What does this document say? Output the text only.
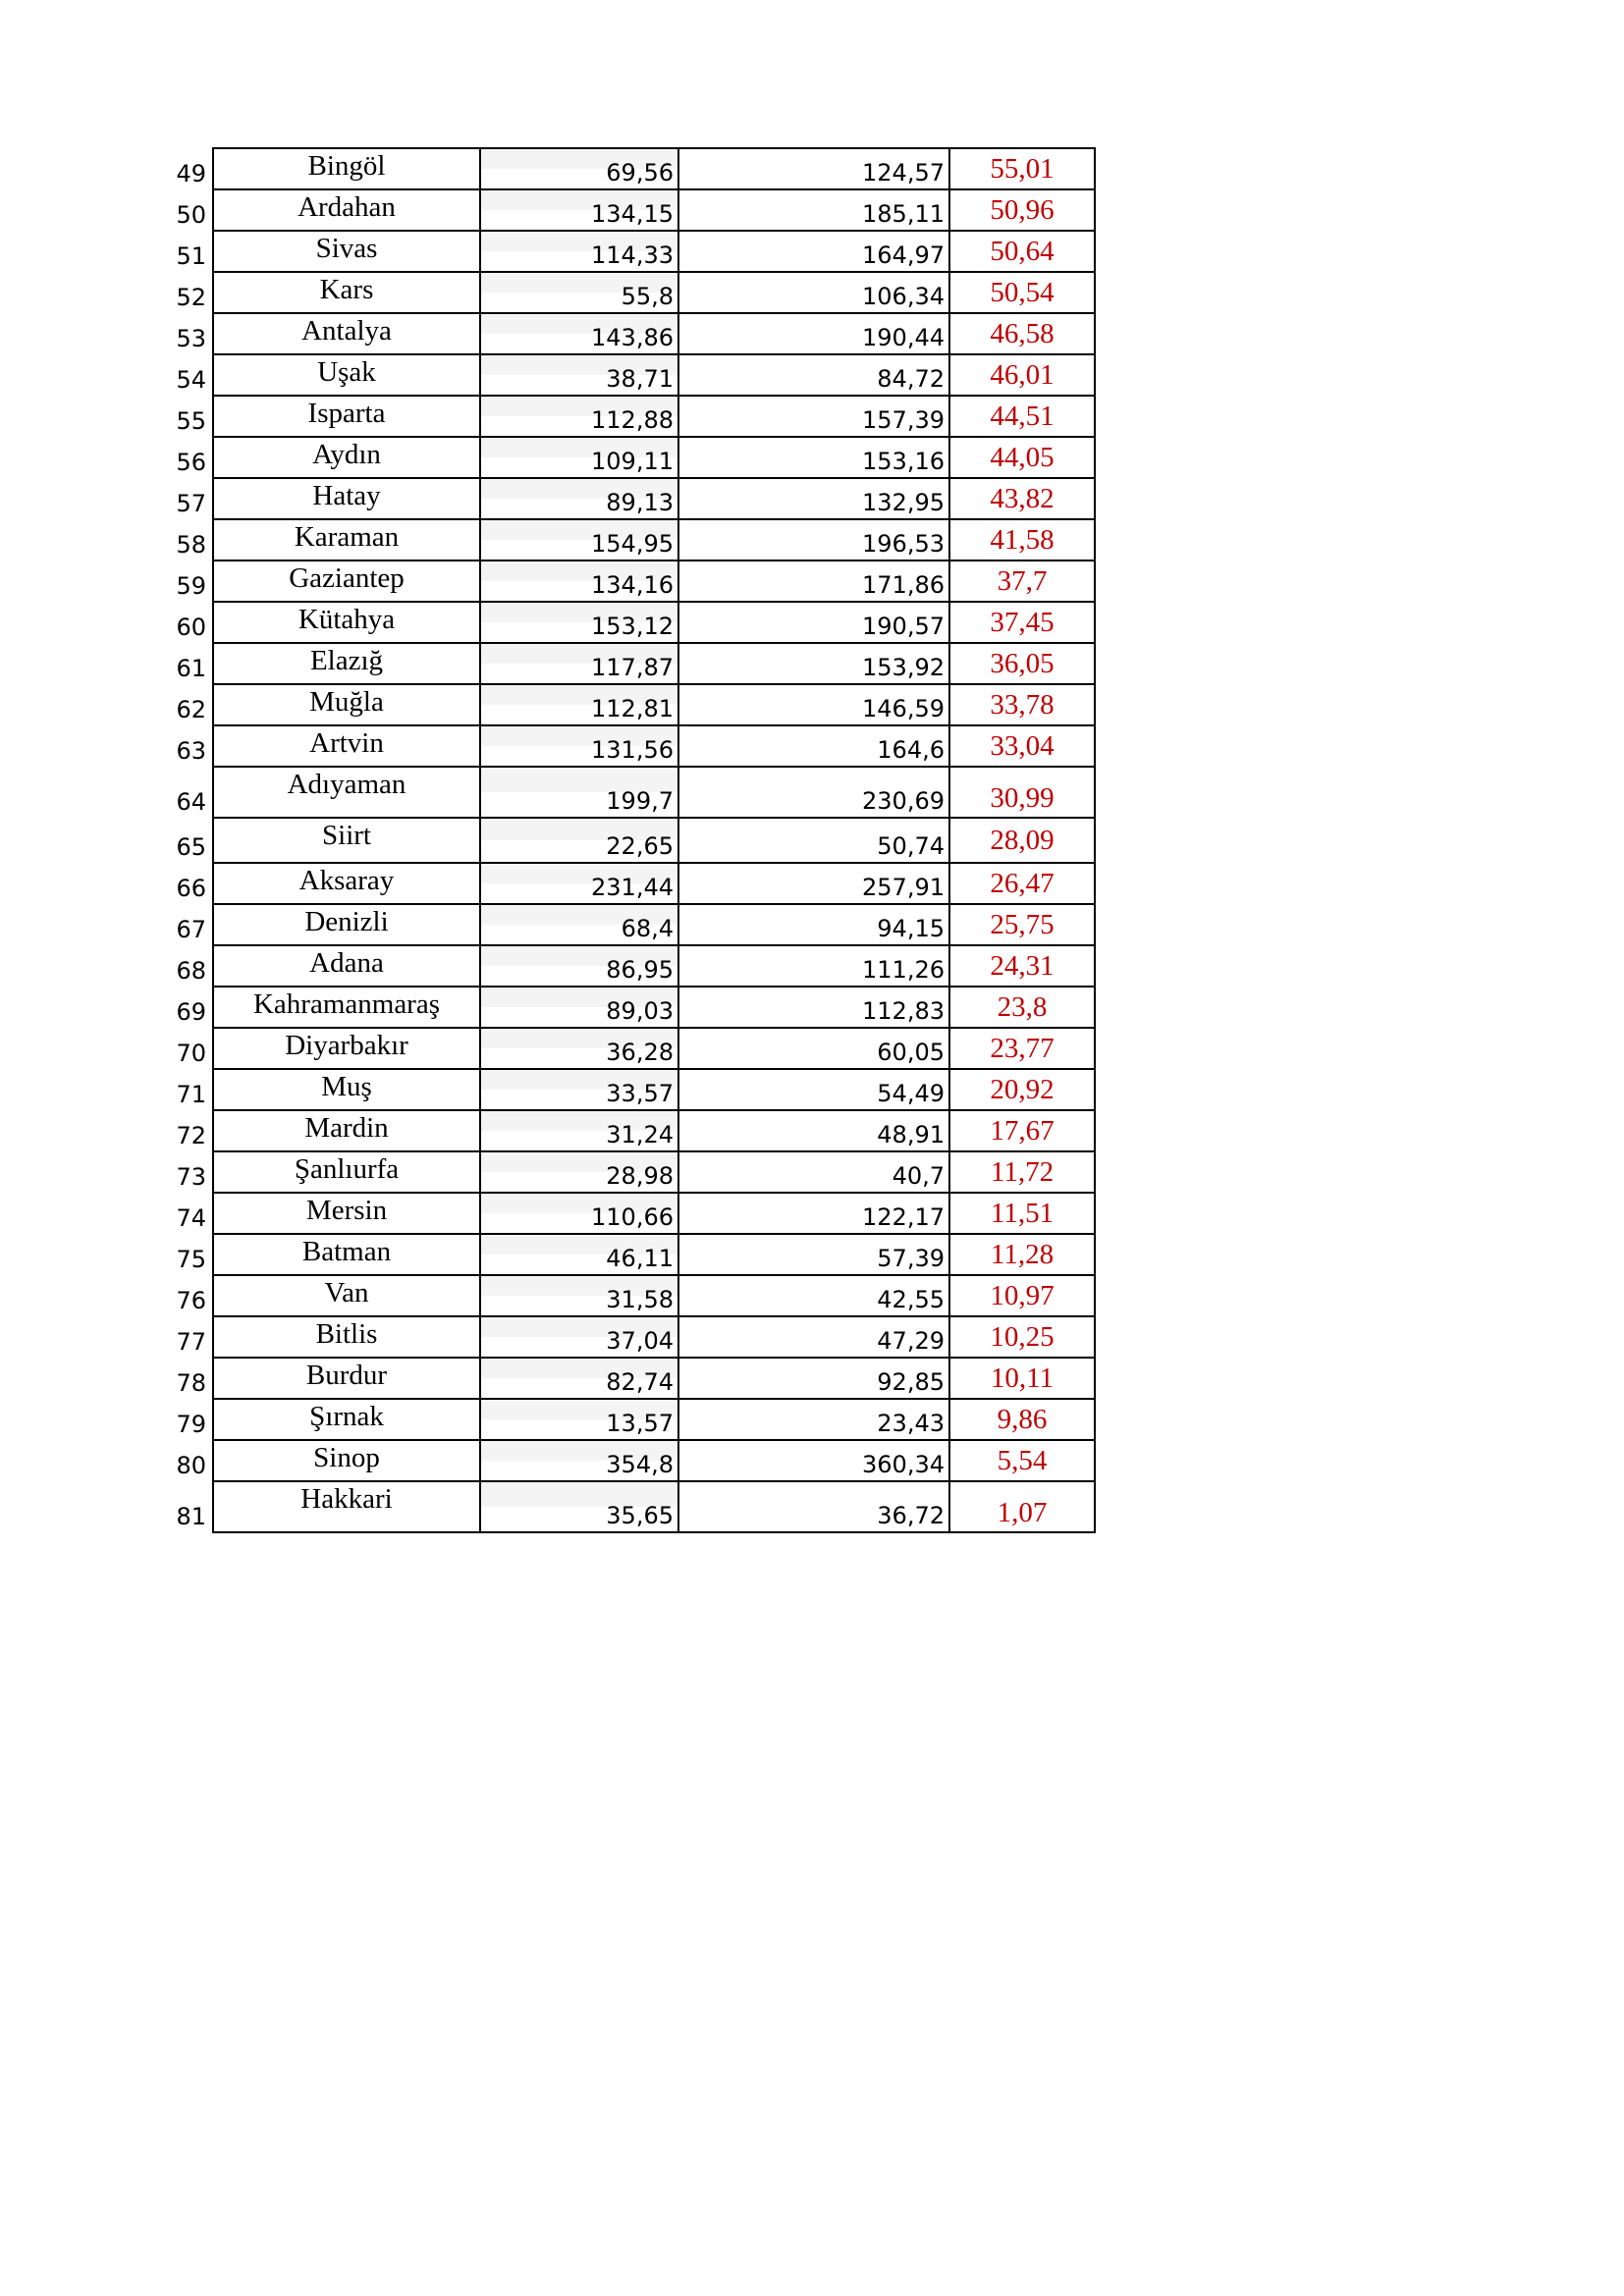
49	Bingöl	69,56	124,57	55,01
50	Ardahan	134,15	185,11	50,96
51	Sivas	114,33	164,97	50,64
52	Kars	55,8	106,34	50,54
53	Antalya	143,86	190,44	46,58
54	Uşak	38,71	84,72	46,01
55	Isparta	112,88	157,39	44,51
56	Aydın	109,11	153,16	44,05
57	Hatay	89,13	132,95	43,82
58	Karaman	154,95	196,53	41,58
59	Gaziantep	134,16	171,86	37,7
60	Kütahya	153,12	190,57	37,45
61	Elazığ	117,87	153,92	36,05
62	Muğla	112,81	146,59	33,78
63	Artvin	131,56	164,6	33,04
64	Adıyaman	199,7	230,69	30,99
65	Siirt	22,65	50,74	28,09
66	Aksaray	231,44	257,91	26,47
67	Denizli	68,4	94,15	25,75
68	Adana	86,95	111,26	24,31
69	Kahramanmaraş	89,03	112,83	23,8
70	Diyarbakır	36,28	60,05	23,77
71	Muş	33,57	54,49	20,92
72	Mardin	31,24	48,91	17,67
73	Şanlıurfa	28,98	40,7	11,72
74	Mersin	110,66	122,17	11,51
75	Batman	46,11	57,39	11,28
76	Van	31,58	42,55	10,97
77	Bitlis	37,04	47,29	10,25
78	Burdur	82,74	92,85	10,11
79	Şırnak	13,57	23,43	9,86
80	Sinop	354,8	360,34	5,54
81	Hakkari	35,65	36,72	1,07
